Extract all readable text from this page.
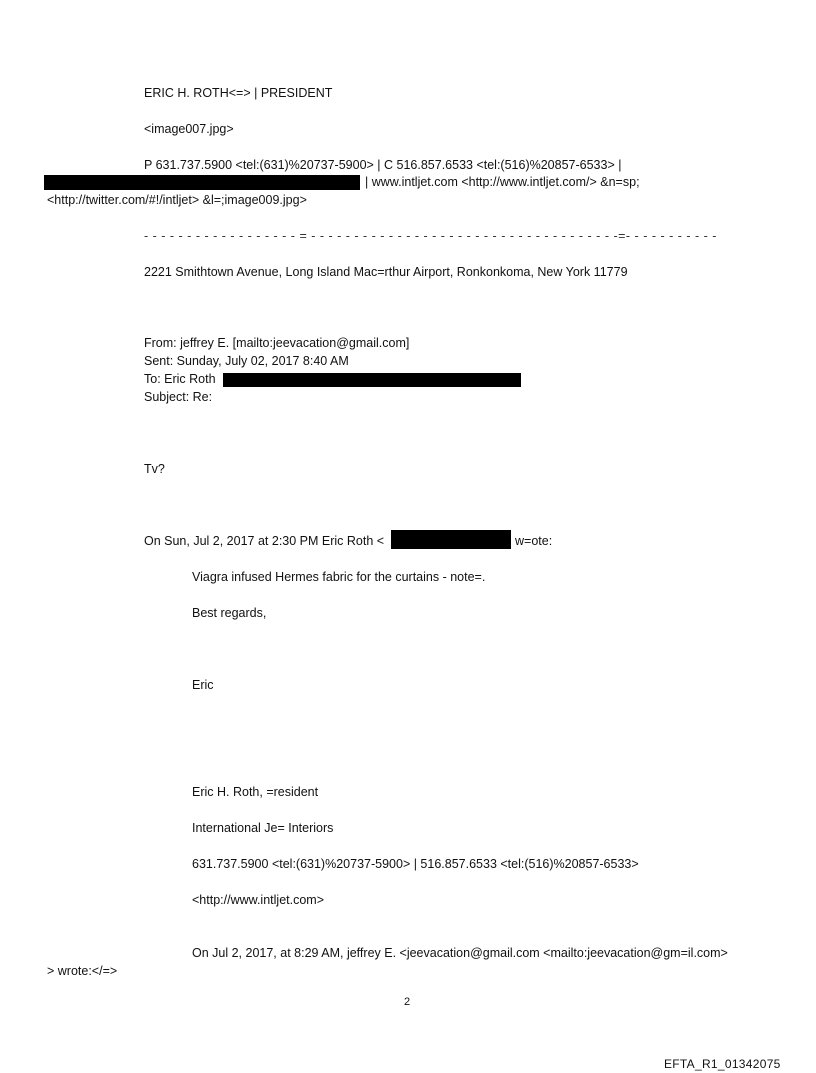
ERIC H. ROTH<=> | PRESIDENT
<image007.jpg>
P 631.737.5900 <tel:(631)%20737-5900> | C 516.857.6533 <tel:(516)%20857-6533> |
| www.intljet.com <http://www.intljet.com/> &n=sp;
<http://twitter.com/#!/intljet> &l=;image009.jpg>
- - - - - - - - - - - - - - - - - - = - - - - - - - - - - - - - - - - - - - - - - - - - - - - - - - - - - - -=- - - - - - - - - - -
2221 Smithtown Avenue, Long Island Mac=rthur Airport, Ronkonkoma, New York 11779
From: jeffrey E. [mailto:jeevacation@gmail.com]
Sent: Sunday, July 02, 2017 8:40 AM
To: Eric Roth
Subject: Re:
Tv?
On Sun, Jul 2, 2017 at 2:30 PM Eric Roth <	w=ote:
Viagra infused Hermes fabric for the curtains - note=.
Best regards,
Eric
Eric H. Roth, =resident
International Je= Interiors
631.737.5900 <tel:(631)%20737-5900> | 516.857.6533 <tel:(516)%20857-6533>
<http://www.intljet.com>
On Jul 2, 2017, at 8:29 AM, jeffrey E. <jeevacation@gmail.com <mailto:jeevacation@gm=il.com>
> wrote:</=>
2
EFTA_R1_01342075
